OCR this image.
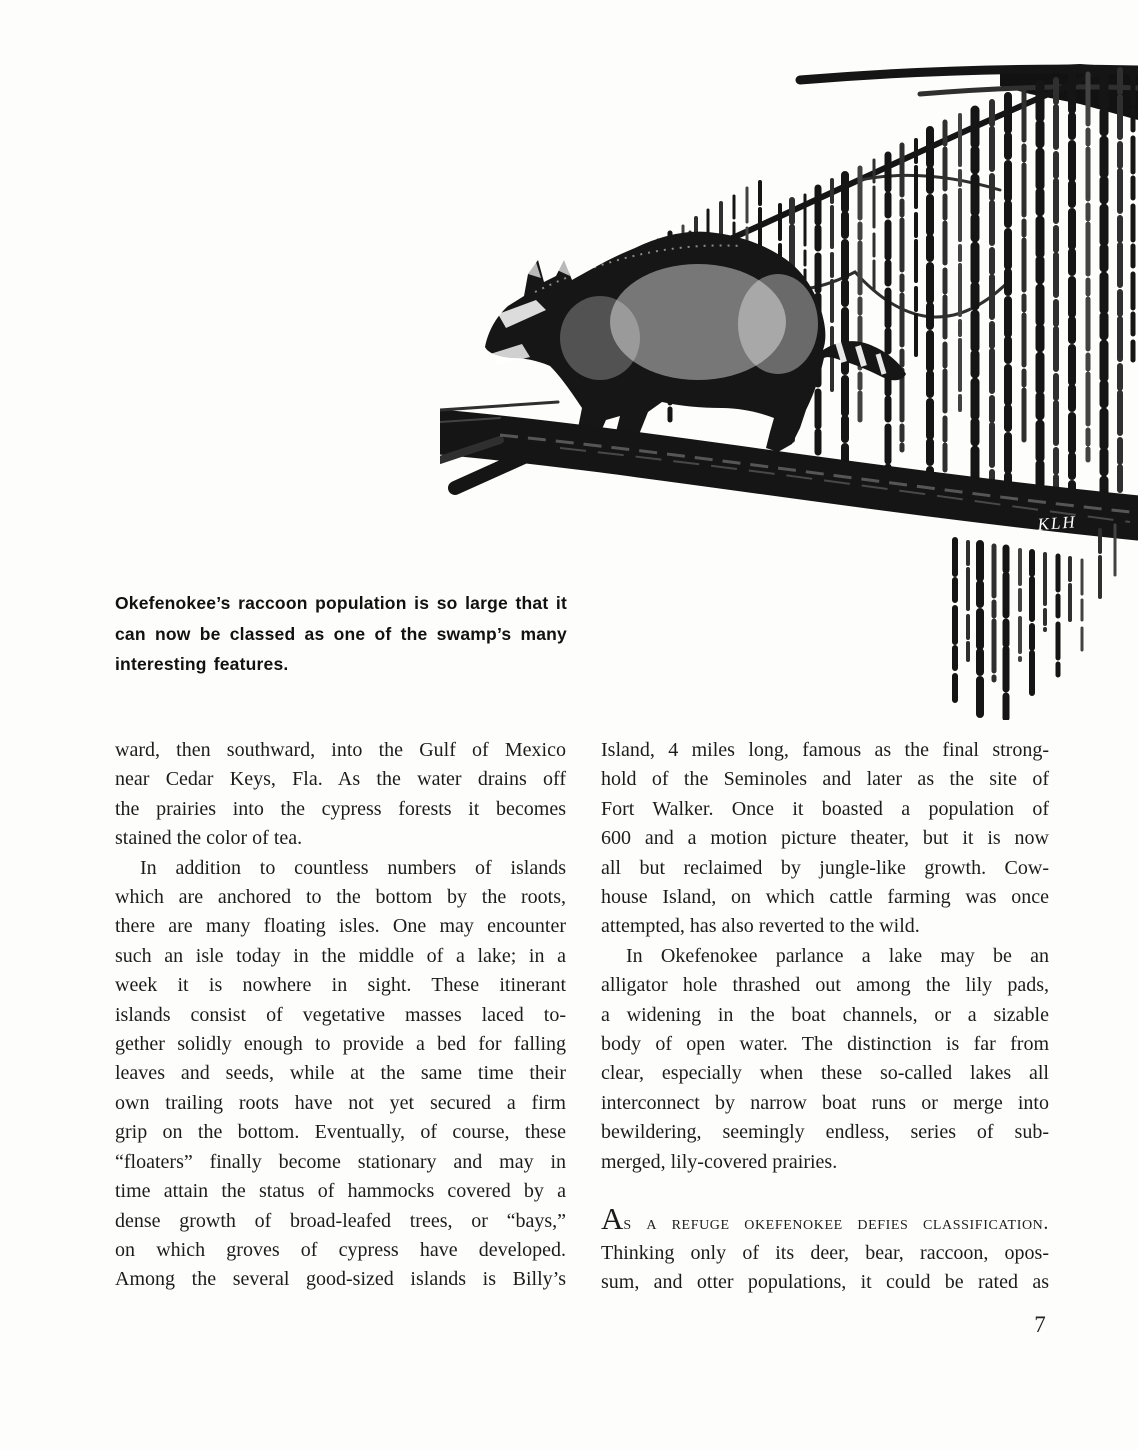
KLH
Okefenokee’s raccoon population is so large that it
can now be classed as one of the swamp’s many
interesting features.
ward, then southward, into the Gulf of Mexico
near Cedar Keys, Fla. As the water drains off
the prairies into the cypress forests it becomes
stained the color of tea.
In addition to countless numbers of islands
which are anchored to the bottom by the roots,
there are many floating isles. One may encounter
such an isle today in the middle of a lake; in a
week it is nowhere in sight. These itinerant
islands consist of vegetative masses laced to-
gether solidly enough to provide a bed for falling
leaves and seeds, while at the same time their
own trailing roots have not yet secured a firm
grip on the bottom. Eventually, of course, these
“floaters” finally become stationary and may in
time attain the status of hammocks covered by a
dense growth of broad-leafed trees, or “bays,”
on which groves of cypress have developed.
Among the several good-sized islands is Billy’s
Island, 4 miles long, famous as the final strong-
hold of the Seminoles and later as the site of
Fort Walker. Once it boasted a population of
600 and a motion picture theater, but it is now
all but reclaimed by jungle-like growth. Cow-
house Island, on which cattle farming was once
attempted, has also reverted to the wild.
In Okefenokee parlance a lake may be an
alligator hole thrashed out among the lily pads,
a widening in the boat channels, or a sizable
body of open water. The distinction is far from
clear, especially when these so-called lakes all
interconnect by narrow boat runs or merge into
bewildering, seemingly endless, series of sub-
merged, lily-covered prairies.
As a refuge okefenokee defies classification.
Thinking only of its deer, bear, raccoon, opos-
sum, and otter populations, it could be rated as
7
